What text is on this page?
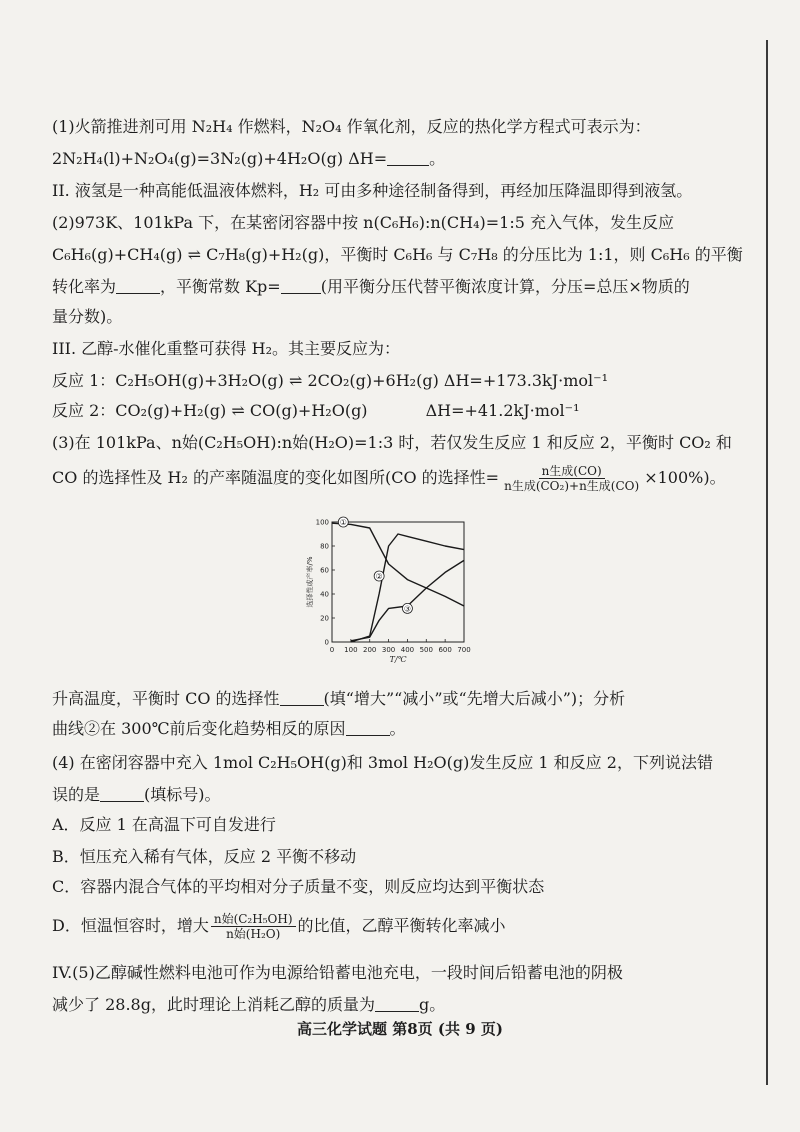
(1)火箭推进剂可用 N₂H₄ 作燃料，N₂O₄ 作氧化剂，反应的热化学方程式可表示为：
2N₂H₄(l)+N₂O₄(g)=3N₂(g)+4H₂O(g) ΔH=	。
II. 液氢是一种高能低温液体燃料，H₂ 可由多种途径制备得到，再经加压降温即得到液氢。
(2)973K、101kPa 下，在某密闭容器中按 n(C₆H₆):n(CH₄)=1:5 充入气体，发生反应
C₆H₆(g)+CH₄(g) ⇌ C₇H₈(g)+H₂(g)，平衡时 C₆H₆ 与 C₇H₈ 的分压比为 1:1，则 C₆H₆ 的平衡
转化率为	，平衡常数 Kp=	(用平衡分压代替平衡浓度计算，分压=总压×物质的
量分数)。
III. 乙醇-水催化重整可获得 H₂。其主要反应为：
反应 1：C₂H₅OH(g)+3H₂O(g) ⇌ 2CO₂(g)+6H₂(g) ΔH=+173.3kJ·mol⁻¹
反应 2：CO₂(g)+H₂(g) ⇌ CO(g)+H₂O(g)	ΔH=+41.2kJ·mol⁻¹
(3)在 101kPa、n始(C₂H₅OH):n始(H₂O)=1:3 时，若仅发生反应 1 和反应 2，平衡时 CO₂ 和
CO 的选择性及 H₂ 的产率随温度的变化如图所(CO 的选择性= $\frac{\text{n生成(CO)}}{\text{n生成(CO₂)+n生成(CO)}} \times 100\%$)。
0 100 200 300 400 500 600 700
0
20
40
60
80
100
T/℃
选择性或产率/%
①
②
③
升高温度，平衡时 CO 的选择性	(填“增大”“减小”或“先增大后减小”)；分析
曲线②在 300℃前后变化趋势相反的原因	。
(4) 在密闭容器中充入 1mol C₂H₅OH(g)和 3mol H₂O(g)发生反应 1 和反应 2，下列说法错
误的是	(填标号)。
A．反应 1 在高温下可自发进行
B．恒压充入稀有气体，反应 2 平衡不移动
C．容器内混合气体的平均相对分子质量不变，则反应均达到平衡状态
D．恒温恒容时，增大 $\frac{\text{n始(C₂H₅OH)}}{\text{n始(H₂O)}}$ 的比值，乙醇平衡转化率减小
IV.(5)乙醇碱性燃料电池可作为电源给铅蓄电池充电，一段时间后铅蓄电池的阴极
减少了 28.8g，此时理论上消耗乙醇的质量为	g。
高三化学试题 第8页 (共 9 页)
